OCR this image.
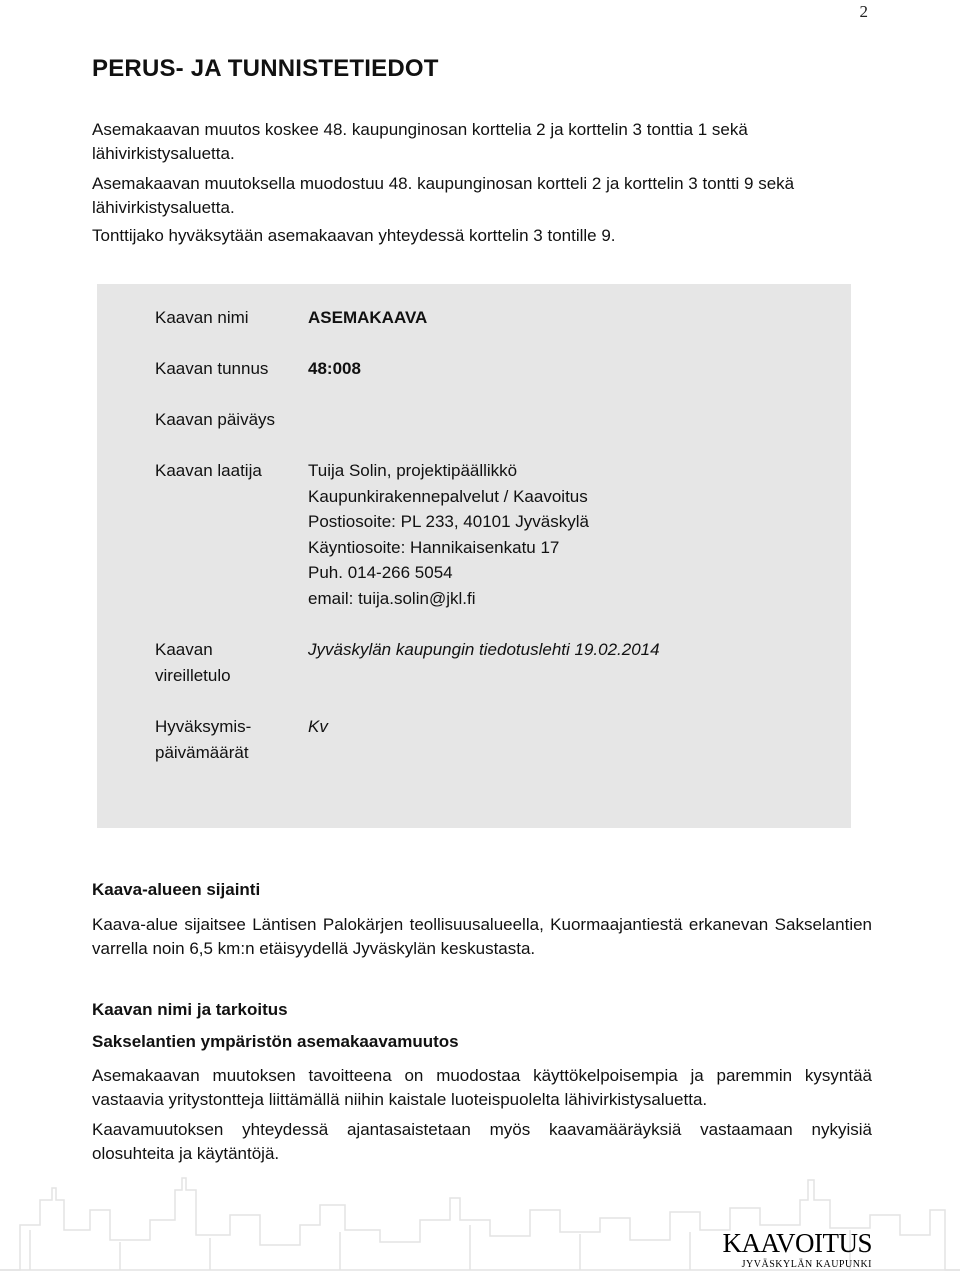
2
PERUS- JA TUNNISTETIEDOT

Asemakaavan muutos koskee 48. kaupunginosan korttelia 2 ja korttelin 3 tonttia 1 sekä lähivirkistysaluetta.

Asemakaavan muutoksella muodostuu 48. kaupunginosan kortteli 2 ja korttelin 3 tontti 9 sekä lähivirkistysaluetta.

Tonttijako hyväksytään asemakaavan yhteydessä korttelin 3 tontille 9.

Kaavan nimi	ASEMAKAAVA
Kaavan tunnus 48:008
Kaavan päiväys
Kaavan laatija	Tuija Solin, projektipäällikkö
Kaupunkirakennepalvelut / Kaavoitus
Postiosoite: PL 233, 40101 Jyväskylä
Käyntiosoite: Hannikaisenkatu 17
Puh. 014-266 5054
email: tuija.solin@jkl.fi
Kaavan
vireilletulo
Jyväskylän kaupungin tiedotuslehti 19.02.2014
Hyväksymis-
päivämäärät
Kv
Kaava-alueen sijainti

Kaava-alue sijaitsee Läntisen Palokärjen teollisuusalueella, Kuormaajantiestä erkanevan Sakselantien varrella noin 6,5 km:n etäisyydellä Jyväskylän keskustasta.

Kaavan nimi ja tarkoitus
Sakselantien ympäristön asemakaavamuutos

Asemakaavan muutoksen tavoitteena on muodostaa käyttökelpoisempia ja paremmin kysyntää vastaavia yritystontteja liittämällä niihin kaistale luoteispuolelta lähivirkistysaluetta.

Kaavamuutoksen yhteydessä ajantasaistetaan myös kaavamääräyksiä vastaamaan nykyisiä olosuhteita ja käytäntöjä.

KAAVOITUS
JYVÄSKYLÄN KAUPUNKI
